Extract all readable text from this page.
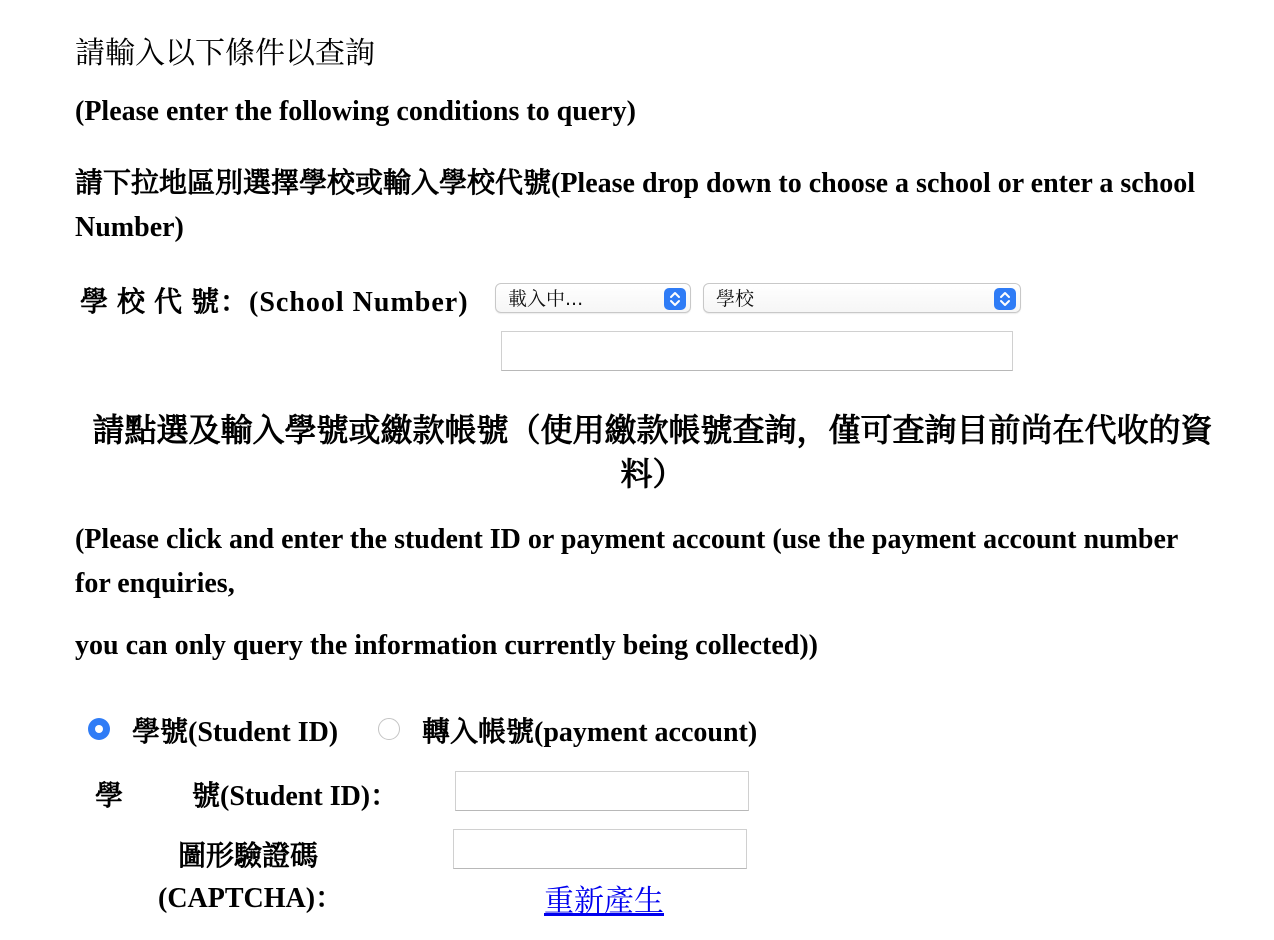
請輸入以下條件以查詢
(Please enter the following conditions to query)
請下拉地區別選擇學校或輸入學校代號(Please drop down to choose a school or enter a school Number)
學 校 代 號：(School Number)	載入中...	學校
請點選及輸入學號或繳款帳號（使用繳款帳號查詢，僅可查詢目前尚在代收的資料）
(Please click and enter the student ID or payment account (use the payment account number for enquiries,
you can only query the information currently being collected))
學號(Student ID)	轉入帳號(payment account)
學 號(Student ID)：
圖形驗證碼
(CAPTCHA)：	重新產生
